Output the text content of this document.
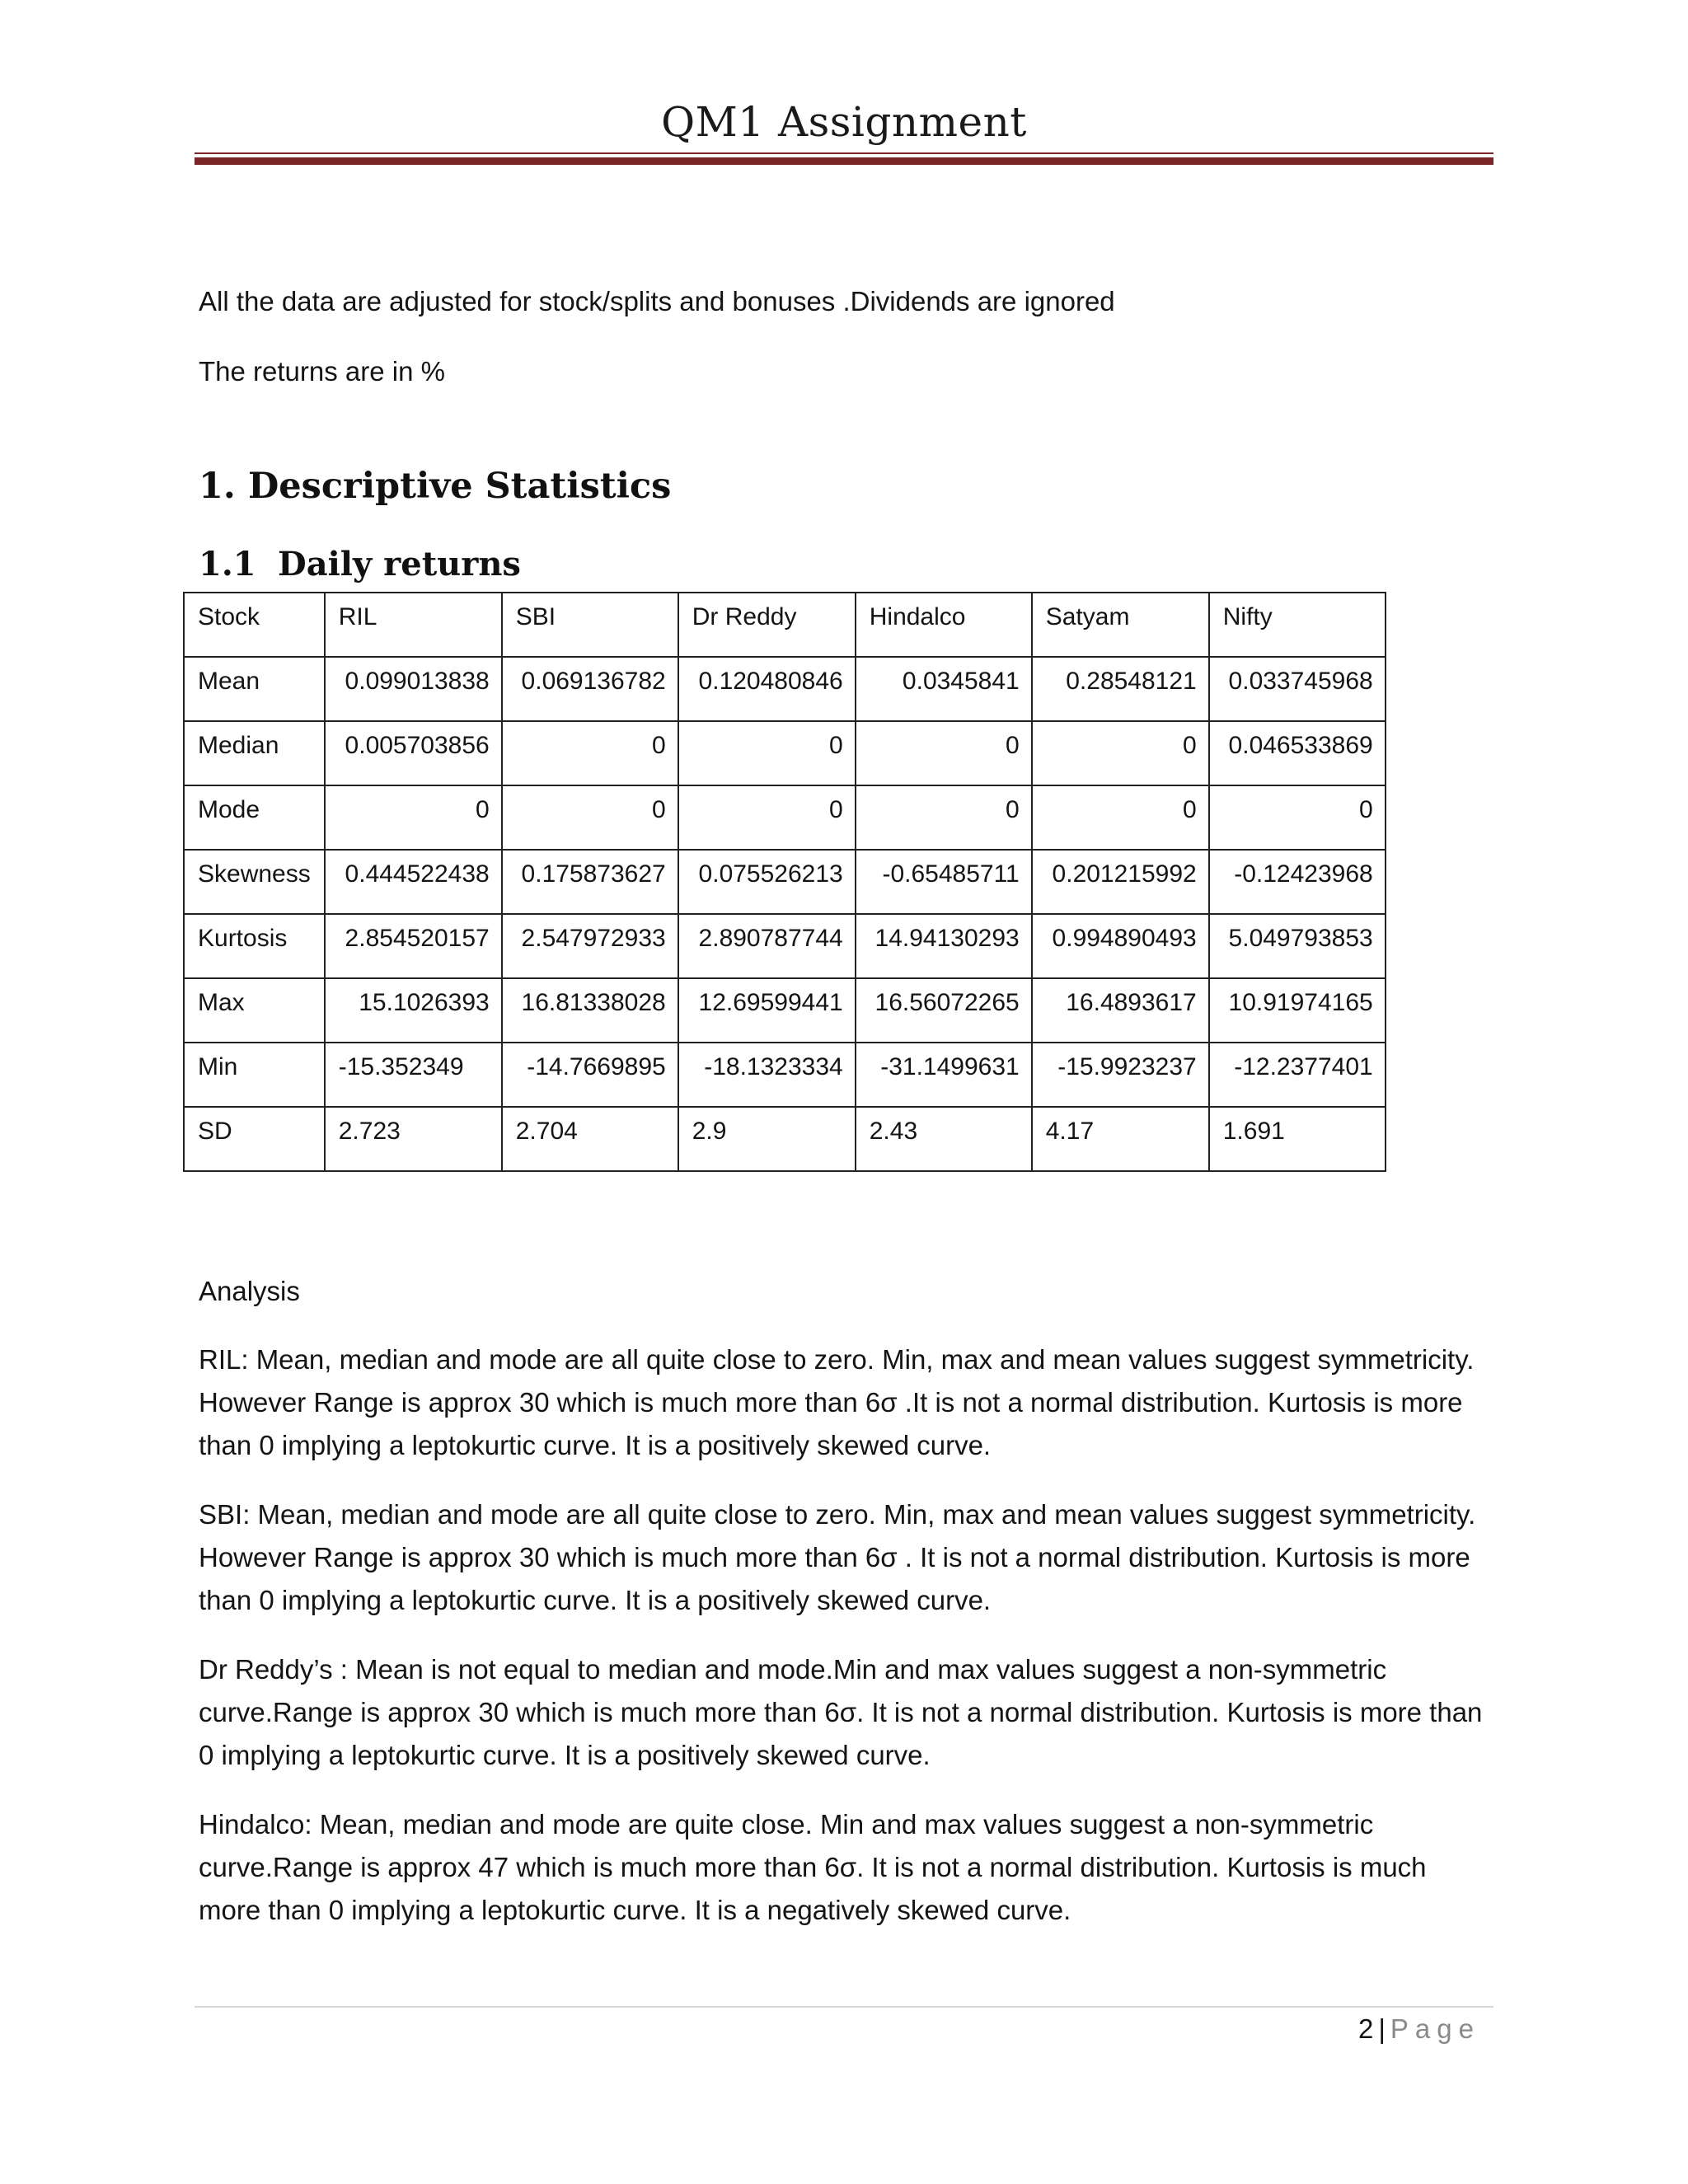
QM1 Assignment
All the data are adjusted for stock/splits and bonuses .Dividends are ignored
The returns are in %
1. Descriptive Statistics
1.1 Daily returns
Stock	RIL	SBI	Dr Reddy	Hindalco	Satyam	Nifty
Mean	0.099013838	0.069136782	0.120480846	0.0345841	0.28548121	0.033745968
Median	0.005703856	0	0	0	0	0.046533869
Mode	0	0	0	0	0	0
Skewness	0.444522438	0.175873627	0.075526213	-0.65485711	0.201215992	-0.12423968
Kurtosis	2.854520157	2.547972933	2.890787744	14.94130293	0.994890493	5.049793853
Max	15.1026393	16.81338028	12.69599441	16.56072265	16.4893617	10.91974165
Min	-15.352349	-14.7669895	-18.1323334	-31.1499631	-15.9923237	-12.2377401
SD	2.723	2.704	2.9	2.43	4.17	1.691
Analysis
RIL: Mean, median and mode are all quite close to zero. Min, max and mean values suggest symmetricity. However Range is approx 30 which is much more than 6σ .It is not a normal distribution. Kurtosis is more than 0 implying a leptokurtic curve. It is a positively skewed curve.
SBI: Mean, median and mode are all quite close to zero. Min, max and mean values suggest symmetricity. However Range is approx 30 which is much more than 6σ . It is not a normal distribution. Kurtosis is more than 0 implying a leptokurtic curve. It is a positively skewed curve.
Dr Reddy’s : Mean is not equal to median and mode.Min and max values suggest a non-symmetric curve.Range is approx 30 which is much more than 6σ. It is not a normal distribution. Kurtosis is more than 0 implying a leptokurtic curve. It is a positively skewed curve.
Hindalco: Mean, median and mode are quite close. Min and max values suggest a non-symmetric curve.Range is approx 47 which is much more than 6σ. It is not a normal distribution. Kurtosis is much more than 0 implying a leptokurtic curve. It is a negatively skewed curve.
2 | Page
